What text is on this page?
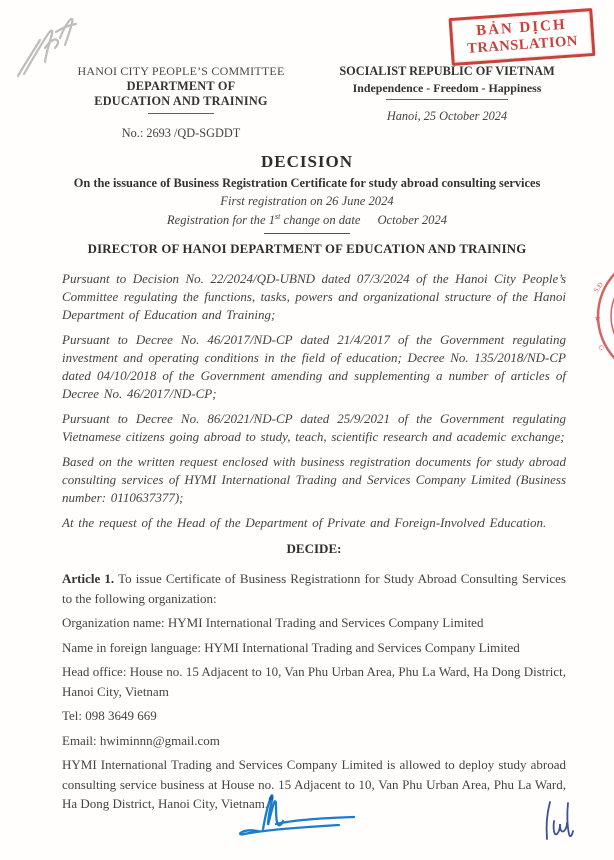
BẢN DỊCH
TRANSLATION
S.Đ
★
G
HANOI CITY PEOPLE’S COMMITTEE
DEPARTMENT OF
EDUCATION AND TRAINING
No.: 2693 /QD-SGDDT
SOCIALIST REPUBLIC OF VIETNAM
Independence - Freedom - Happiness
Hanoi, 25 October 2024
DECISION
On the issuance of Business Registration Certificate for study abroad consulting services
First registration on 26 June 2024
Registration for the 1st change on date October 2024
DIRECTOR OF HANOI DEPARTMENT OF EDUCATION AND TRAINING

Pursuant to Decision No. 22/2024/QD-UBND dated 07/3/2024 of the Hanoi City People’s Committee regulating the functions, tasks, powers and organizational structure of the Hanoi Department of Education and Training;

Pursuant to Decree No. 46/2017/ND-CP dated 21/4/2017 of the Government regulating investment and operating conditions in the field of education; Decree No. 135/2018/ND-CP dated 04/10/2018 of the Government amending and supplementing a number of articles of Decree No. 46/2017/ND-CP;

Pursuant to Decree No. 86/2021/ND-CP dated 25/9/2021 of the Government regulating Vietnamese citizens going abroad to study, teach, scientific research and academic exchange;

Based on the written request enclosed with business registration documents for study abroad consulting services of HYMI International Trading and Services Company Limited (Business number: 0110637377);

At the request of the Head of the Department of Private and Foreign-Involved Education.

DECIDE:

Article 1. To issue Certificate of Business Registrationn for Study Abroad Consulting Services to the following organization:

Organization name: HYMI International Trading and Services Company Limited

Name in foreign language: HYMI International Trading and Services Company Limited

Head office: House no. 15 Adjacent to 10, Van Phu Urban Area, Phu La Ward, Ha Dong District, Hanoi City, Vietnam

Tel: 098 3649 669

Email: hwiminnn@gmail.com

HYMI International Trading and Services Company Limited is allowed to deploy study abroad consulting service business at House no. 15 Adjacent to 10, Van Phu Urban Area, Phu La Ward, Ha Dong District, Hanoi City, Vietnam.
